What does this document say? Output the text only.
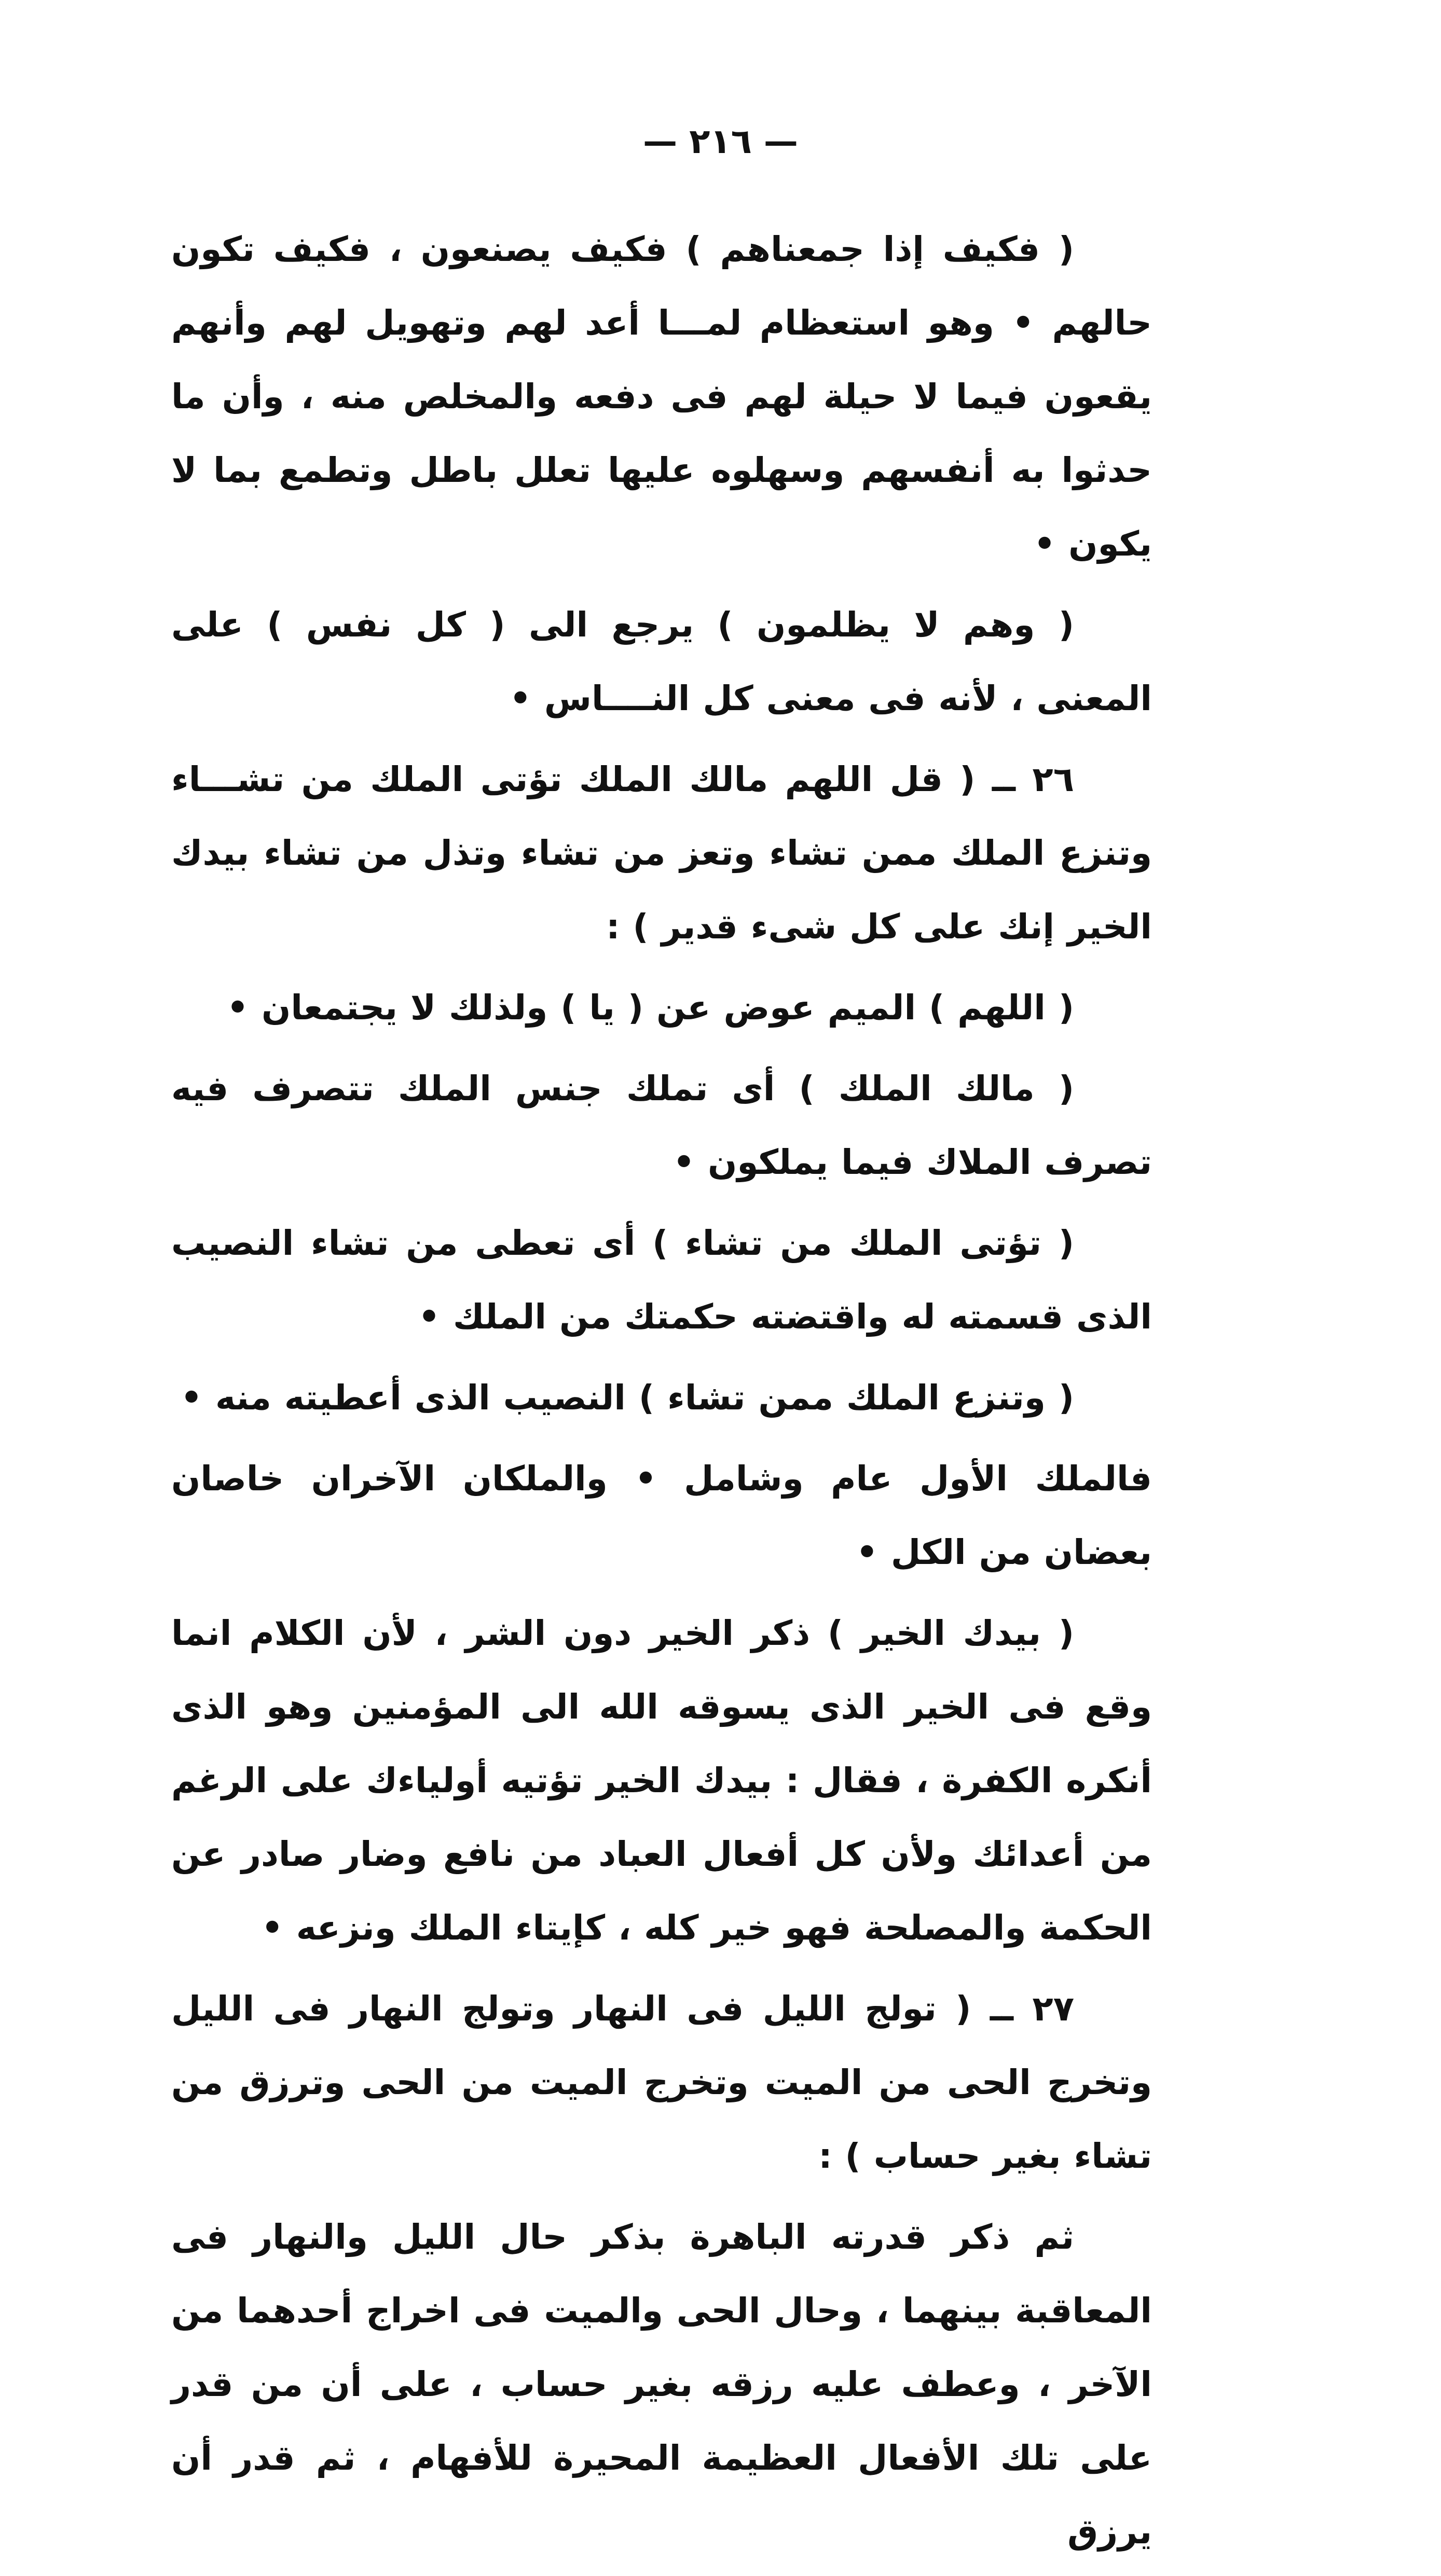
— ٢١٦ —

( فكيف إذا جمعناهم ) فكيف يصنعون ، فكيف تكون حالهم • وهو استعظام لمـــا أعد لهم وتهويل لهم وأنهم يقعون فيما لا حيلة لهم فى دفعه والمخلص منه ، وأن ما حدثوا به أنفسهم وسهلوه عليها تعلل باطل وتطمع بما لا يكون •

( وهم لا يظلمون ) يرجع الى ( كل نفس ) على المعنى ، لأنه فى معنى كل النــــاس •

٢٦ ــ ( قل اللهم مالك الملك تؤتى الملك من تشـــاء وتنزع الملك ممن تشاء وتعز من تشاء وتذل من تشاء بيدك الخير إنك على كل شىء قدير ) :

( اللهم ) الميم عوض عن ( يا ) ولذلك لا يجتمعان •

( مالك الملك ) أى تملك جنس الملك تتصرف فيه تصرف الملاك فيما يملكون •

( تؤتى الملك من تشاء ) أى تعطى من تشاء النصيب الذى قسمته له واقتضته حكمتك من الملك •

( وتنزع الملك ممن تشاء ) النصيب الذى أعطيته منه •

فالملك الأول عام وشامل • والملكان الآخران خاصان بعضان من الكل •

( بيدك الخير ) ذكر الخير دون الشر ، لأن الكلام انما وقع فى الخير الذى يسوقه الله الى المؤمنين وهو الذى أنكره الكفرة ، فقال : بيدك الخير تؤتيه أولياءك على الرغم من أعدائك ولأن كل أفعال العباد من نافع وضار صادر عن الحكمة والمصلحة فهو خير كله ، كإيتاء الملك ونزعه •

٢٧ ــ ( تولج الليل فى النهار وتولج النهار فى الليل وتخرج الحى من الميت وتخرج الميت من الحى وترزق من تشاء بغير حساب ) :

ثم ذكر قدرته الباهرة بذكر حال الليل والنهار فى المعاقبة بينهما ، وحال الحى والميت فى اخراج أحدهما من الآخر ، وعطف عليه رزقه بغير حساب ، على أن من قدر على تلك الأفعال العظيمة المحيرة للأفهام ، ثم قدر أن يرزق
